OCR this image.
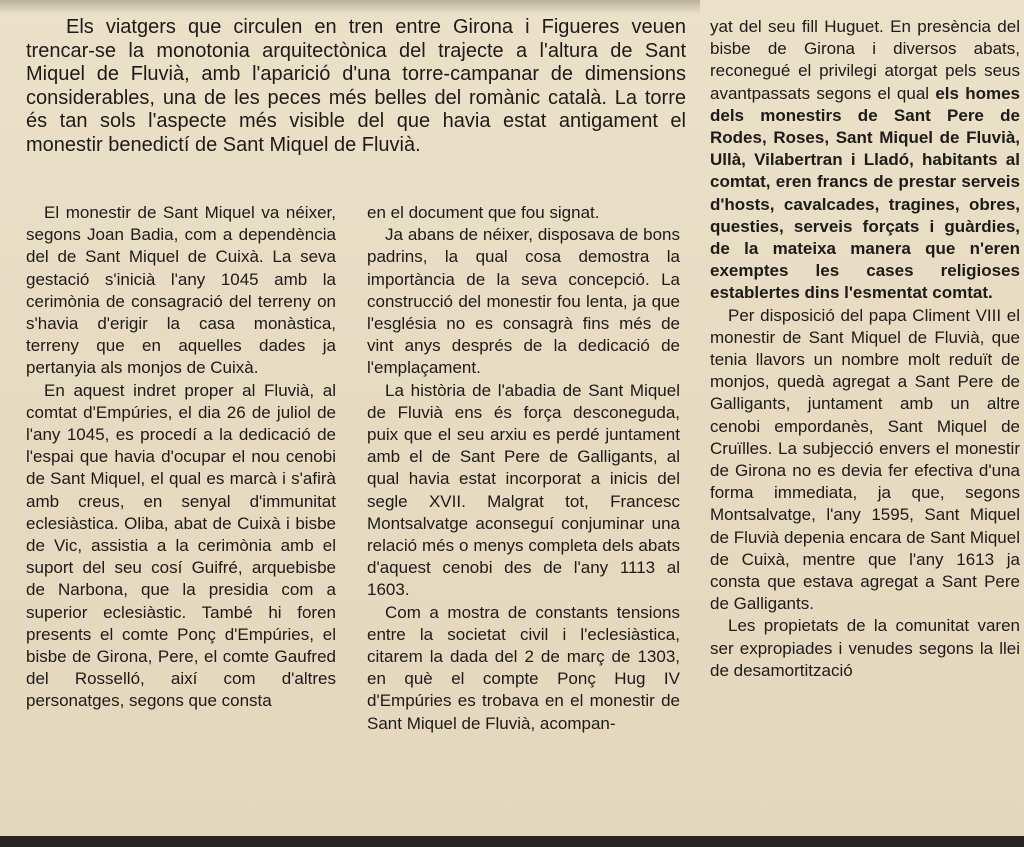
Els viatgers que circulen en tren entre Girona i Figueres veuen trencar-se la monotonia arquitectònica del trajecte a l'altura de Sant Miquel de Fluvià, amb l'aparició d'una torre-campanar de dimensions considerables, una de les peces més belles del romànic català. La torre és tan sols l'aspecte més visible del que havia estat antigament el monestir benedictí de Sant Miquel de Fluvià.

El monestir de Sant Miquel va néixer, segons Joan Badia, com a dependència del de Sant Miquel de Cuixà. La seva gestació s'inicià l'any 1045 amb la cerimònia de consagració del terreny on s'havia d'erigir la casa monàstica, terreny que en aquelles dades ja pertanyia als monjos de Cuixà.

En aquest indret proper al Fluvià, al comtat d'Empúries, el dia 26 de juliol de l'any 1045, es procedí a la dedicació de l'espai que havia d'ocupar el nou cenobi de Sant Miquel, el qual es marcà i s'afirà amb creus, en senyal d'immunitat eclesiàstica. Oliba, abat de Cuixà i bisbe de Vic, assistia a la cerimònia amb el suport del seu cosí Guifré, arquebisbe de Narbona, que la presidia com a superior eclesiàstic. També hi foren presents el comte Ponç d'Empúries, el bisbe de Girona, Pere, el comte Gaufred del Rosselló, així com d'altres personatges, segons que consta

en el document que fou signat.

Ja abans de néixer, disposava de bons padrins, la qual cosa demostra la importància de la seva concepció. La construcció del monestir fou lenta, ja que l'església no es consagrà fins més de vint anys després de la dedicació de l'emplaçament.

La història de l'abadia de Sant Miquel de Fluvià ens és força desconeguda, puix que el seu arxiu es perdé juntament amb el de Sant Pere de Galligants, al qual havia estat incorporat a inicis del segle XVII. Malgrat tot, Francesc Montsalvatge aconseguí conjuminar una relació més o menys completa dels abats d'aquest cenobi des de l'any 1113 al 1603.

Com a mostra de constants tensions entre la societat civil i l'eclesiàstica, citarem la dada del 2 de març de 1303, en què el compte Ponç Hug IV d'Empúries es trobava en el monestir de Sant Miquel de Fluvià, acompan-

yat del seu fill Huguet. En presència del bisbe de Girona i diversos abats, reconegué el privilegi atorgat pels seus avantpassats segons el qual els homes dels monestirs de Sant Pere de Rodes, Roses, Sant Miquel de Fluvià, Ullà, Vilabertran i Lladó, habitants al comtat, eren francs de prestar serveis d'hosts, cavalcades, tragines, obres, questies, serveis forçats i guàrdies, de la mateixa manera que n'eren exemptes les cases religioses establertes dins l'esmentat comtat.

Per disposició del papa Climent VIII el monestir de Sant Miquel de Fluvià, que tenia llavors un nombre molt reduït de monjos, quedà agregat a Sant Pere de Galligants, juntament amb un altre cenobi empordanès, Sant Miquel de Cruïlles. La subjecció envers el monestir de Girona no es devia fer efectiva d'una forma immediata, ja que, segons Montsalvatge, l'any 1595, Sant Miquel de Fluvià depenia encara de Sant Miquel de Cuixà, mentre que l'any 1613 ja consta que estava agregat a Sant Pere de Galligants.

Les propietats de la comunitat varen ser expropiades i venudes segons la llei de desamortització
